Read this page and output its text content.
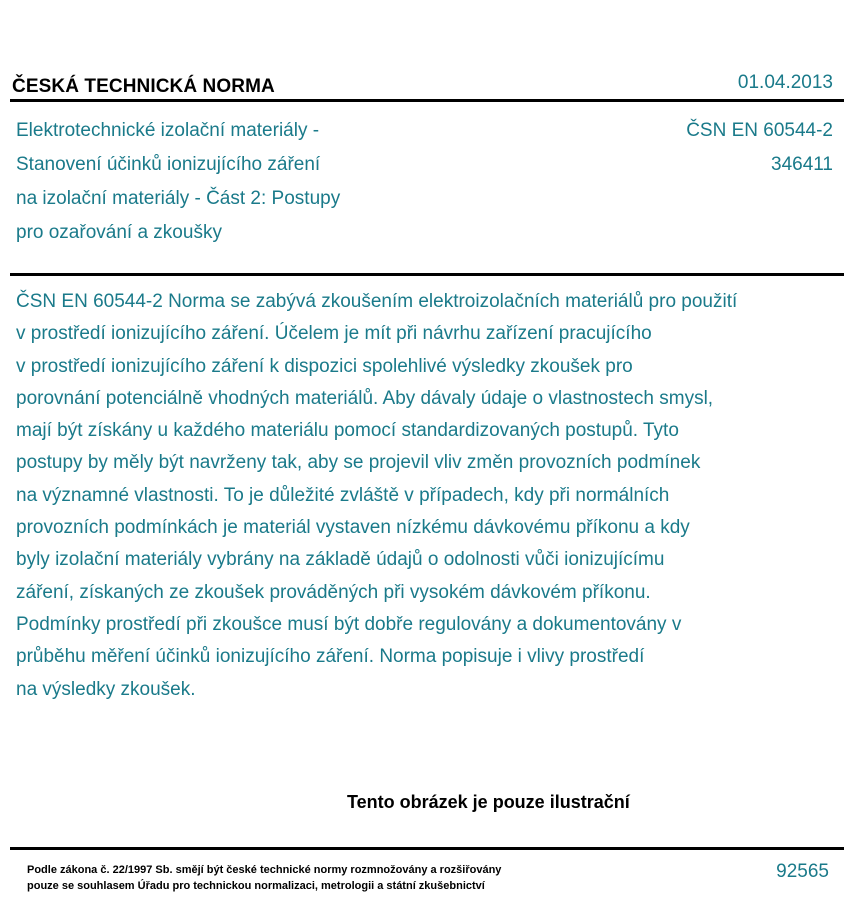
ČESKÁ TECHNICKÁ NORMA	01.04.2013
Elektrotechnické izolační materiály -
Stanovení účinků ionizujícího záření
na izolační materiály - Část 2: Postupy
pro ozařování a zkoušky
ČSN EN 60544-2
346411
ČSN EN 60544-2 Norma se zabývá zkoušením elektroizolačních materiálů pro použití
v prostředí ionizujícího záření. Účelem je mít při návrhu zařízení pracujícího
v prostředí ionizujícího záření k dispozici spolehlivé výsledky zkoušek pro
porovnání potenciálně vhodných materiálů. Aby dávaly údaje o vlastnostech smysl,
mají být získány u každého materiálu pomocí standardizovaných postupů. Tyto
postupy by měly být navrženy tak, aby se projevil vliv změn provozních podmínek
na významné vlastnosti. To je důležité zvláště v případech, kdy při normálních
provozních podmínkách je materiál vystaven nízkému dávkovému příkonu a kdy
byly izolační materiály vybrány na základě údajů o odolnosti vůči ionizujícímu
záření, získaných ze zkoušek prováděných při vysokém dávkovém příkonu.
Podmínky prostředí při zkoušce musí být dobře regulovány a dokumentovány v
průběhu měření účinků ionizujícího záření. Norma popisuje i vlivy prostředí
na výsledky zkoušek.
Tento obrázek je pouze ilustrační
Podle zákona č. 22/1997 Sb. smějí být české technické normy rozmnožovány a rozšiřovány
pouze se souhlasem Úřadu pro technickou normalizaci, metrologii a státní zkušebnictví
92565
